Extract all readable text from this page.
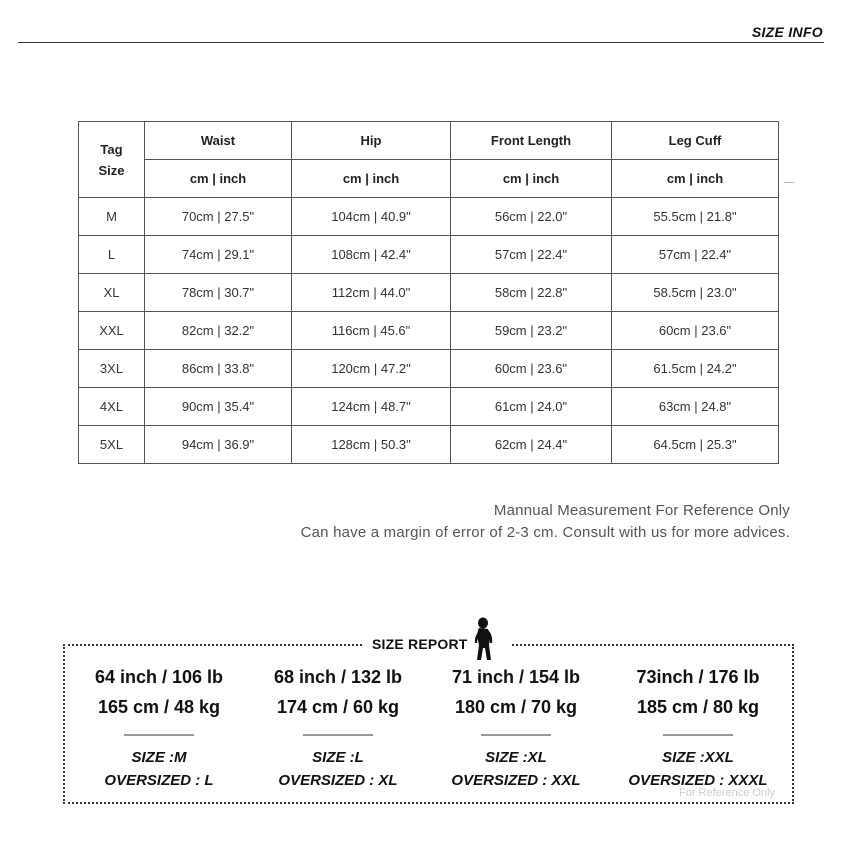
SIZE INFO
Tag Size	Waist	Hip	Front Length	Leg Cuff
	cm | inch	cm | inch	cm | inch	cm | inch
M	70cm | 27.5"	104cm | 40.9"	56cm | 22.0"	55.5cm | 21.8"
L	74cm | 29.1"	108cm | 42.4"	57cm | 22.4"	57cm | 22.4"
XL	78cm | 30.7"	112cm | 44.0"	58cm | 22.8"	58.5cm | 23.0"
XXL	82cm | 32.2"	116cm | 45.6"	59cm | 23.2"	60cm | 23.6"
3XL	86cm | 33.8"	120cm | 47.2"	60cm | 23.6"	61.5cm | 24.2"
4XL	90cm | 35.4"	124cm | 48.7"	61cm | 24.0"	63cm | 24.8"
5XL	94cm | 36.9"	128cm | 50.3"	62cm | 24.4"	64.5cm | 25.3"
Mannual Measurement For Reference Only
Can have a margin of error of 2-3 cm. Consult with us for more advices.
SIZE REPORT
64 inch / 106 lb
165 cm / 48 kg
SIZE :M
OVERSIZED : L
68 inch / 132 lb
174 cm / 60 kg
SIZE :L
OVERSIZED : XL
71 inch / 154 lb
180 cm / 70 kg
SIZE :XL
OVERSIZED : XXL
73inch / 176 lb
185 cm / 80 kg
SIZE :XXL
OVERSIZED : XXXL
For Reference Only
